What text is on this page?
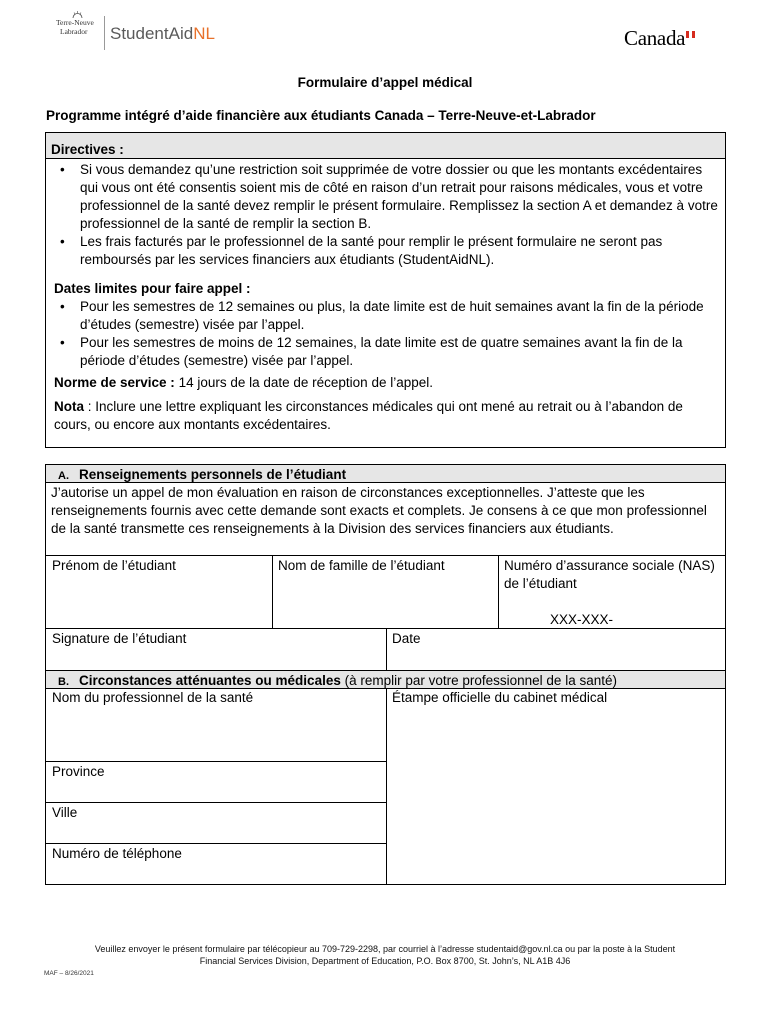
Terre-Neuve
Labrador	StudentAidNL	Canada
Formulaire d’appel médical
Programme intégré d’aide financière aux étudiants Canada – Terre-Neuve-et-Labrador
Directives :
• Si vous demandez qu’une restriction soit supprimée de votre dossier ou que les montants excédentaires qui vous ont été consentis soient mis de côté en raison d’un retrait pour raisons médicales, vous et votre professionnel de la santé devez remplir le présent formulaire. Remplissez la section A et demandez à votre professionnel de la santé de remplir la section B.
• Les frais facturés par le professionnel de la santé pour remplir le présent formulaire ne seront pas remboursés par les services financiers aux étudiants (StudentAidNL).
Dates limites pour faire appel :
• Pour les semestres de 12 semaines ou plus, la date limite est de huit semaines avant la fin de la période d’études (semestre) visée par l’appel.
• Pour les semestres de moins de 12 semaines, la date limite est de quatre semaines avant la fin de la période d’études (semestre) visée par l’appel.
Norme de service : 14 jours de la date de réception de l’appel.
Nota : Inclure une lettre expliquant les circonstances médicales qui ont mené au retrait ou à l’abandon de cours, ou encore aux montants excédentaires.
A. Renseignements personnels de l’étudiant
J’autorise un appel de mon évaluation en raison de circonstances exceptionnelles. J’atteste que les renseignements fournis avec cette demande sont exacts et complets. Je consens à ce que mon professionnel de la santé transmette ces renseignements à la Division des services financiers aux étudiants.
Prénom de l’étudiant	Nom de famille de l’étudiant	Numéro d’assurance sociale (NAS) de l’étudiant
XXX-XXX-
Signature de l’étudiant	Date
B. Circonstances atténuantes ou médicales (à remplir par votre professionnel de la santé)
Nom du professionnel de la santé	Étampe officielle du cabinet médical
Province
Ville
Numéro de téléphone
Veuillez envoyer le présent formulaire par télécopieur au 709-729-2298, par courriel à l’adresse studentaid@gov.nl.ca ou par la poste à la Student
Financial Services Division, Department of Education, P.O. Box 8700, St. John’s, NL A1B 4J6
MAF – 8/26/2021
